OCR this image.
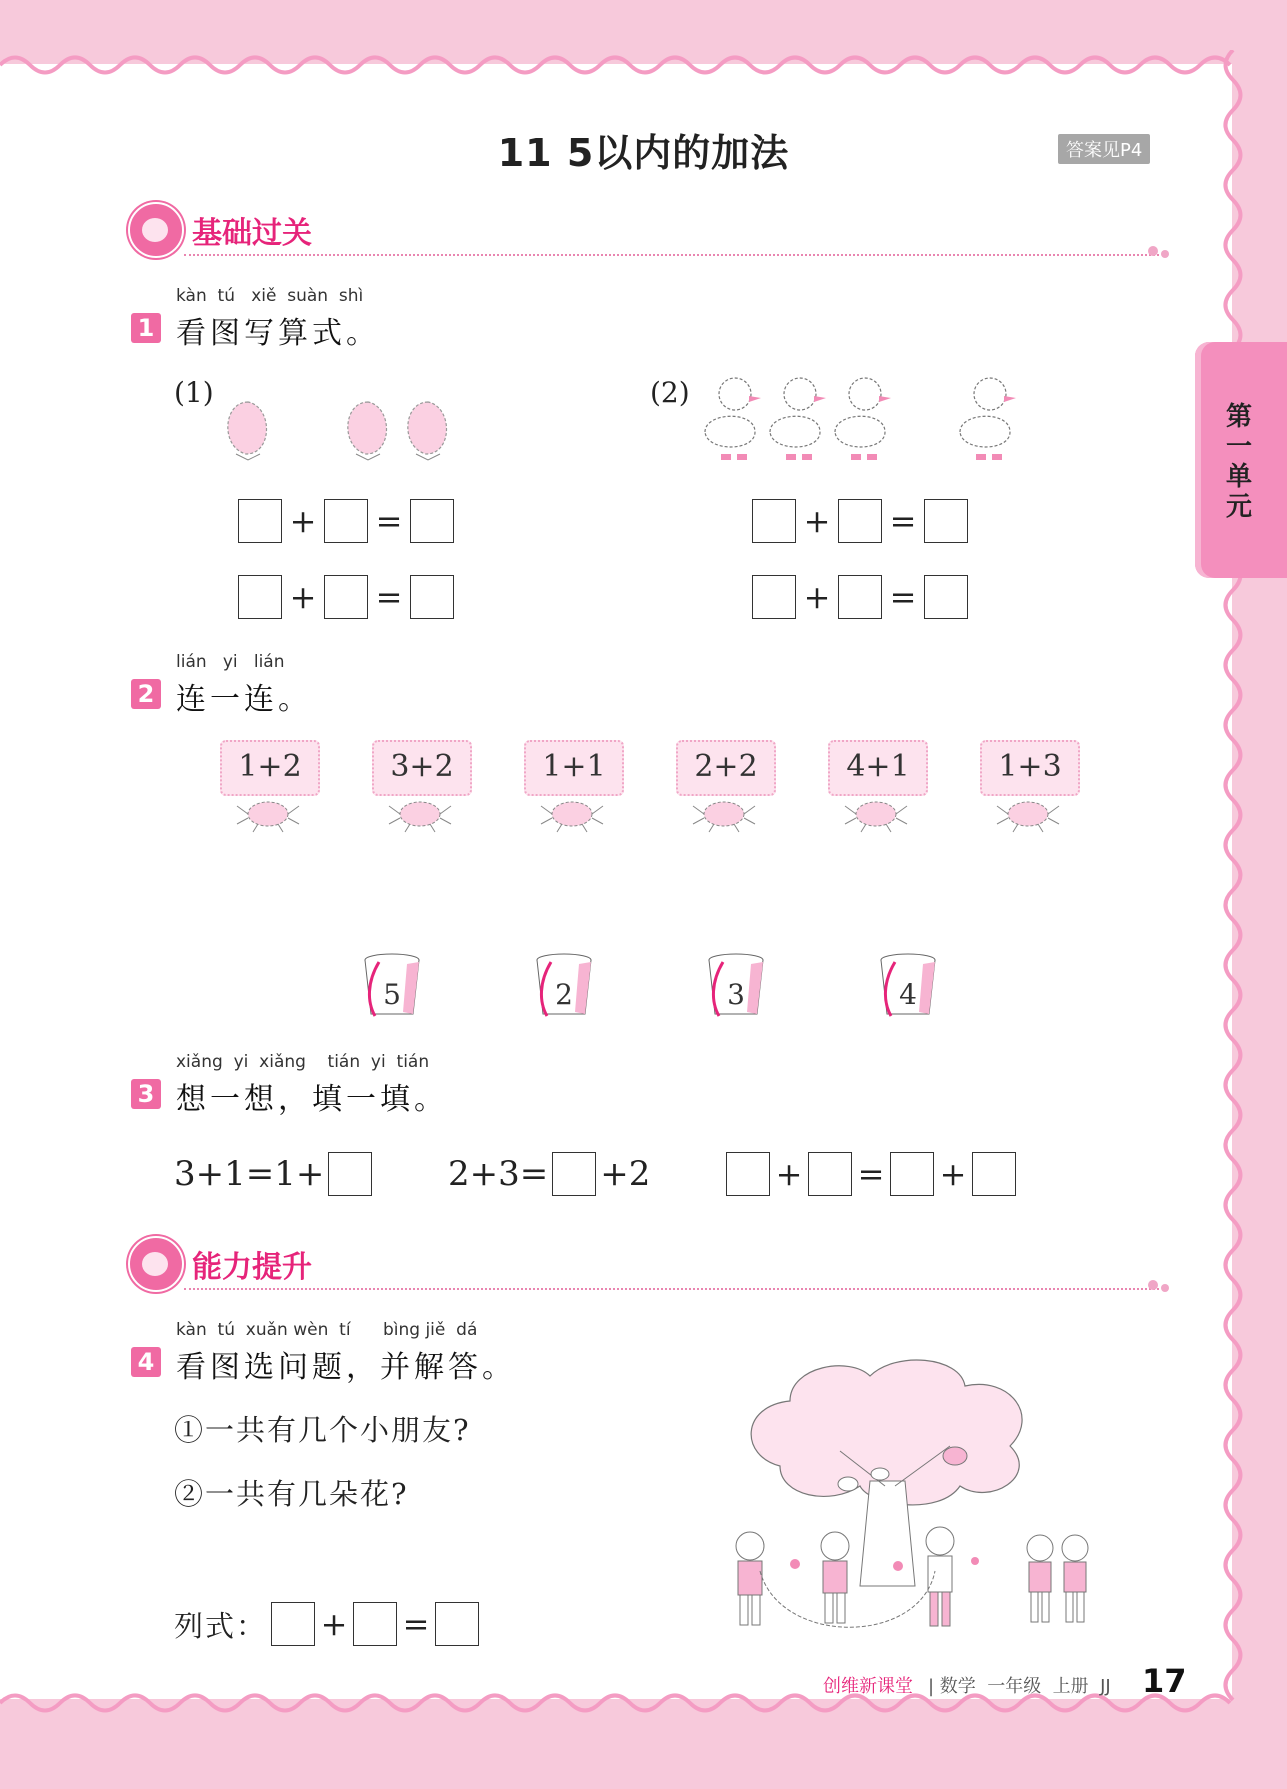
11 5以内的加法	答案见P4
第一单元
基础过关
kàn  tú   xiě  suàn  shì
1 看图写算式。
(1)	(2)
+ =
+ =
+ =
+ =
lián   yi   lián
2 连一连。
1+2	3+2	1+1	2+2	4+1	1+3
5	2	3	4
xiǎng  yi  xiǎng    tián  yi  tián
3 想一想，填一填。
3+1=1+	2+3= +2	+ = +
能力提升
kàn  tú  xuǎn wèn  tí      bìng jiě  dá
4 看图选问题，并解答。
①一共有几个小朋友?
②一共有几朵花?
列式： + =
创维新课堂 | 数学  一年级  上册  JJ 17
